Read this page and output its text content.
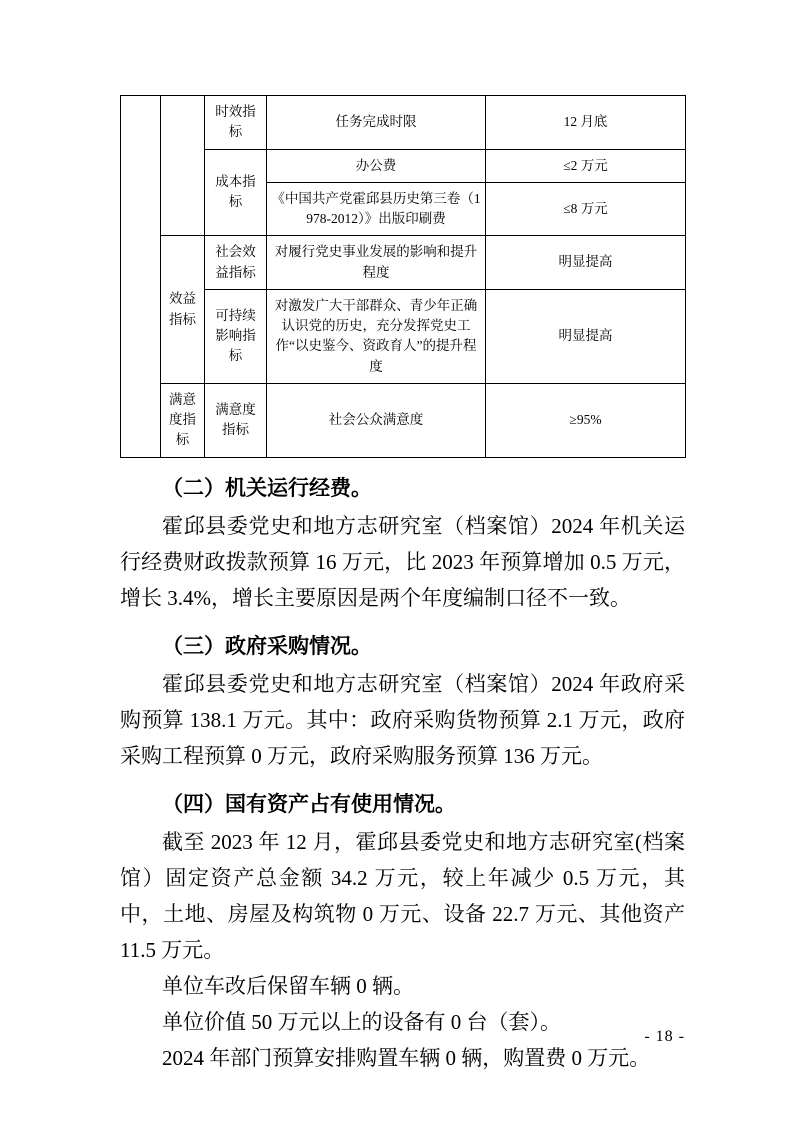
		时效指标	任务完成时限	12 月底
		成本指标	办公费	≤2 万元
			《中国共产党霍邱县历史第三卷（1978-2012）》出版印刷费	≤8 万元
	效益指标	社会效益指标	对履行党史事业发展的影响和提升程度	明显提高
		可持续影响指标	对激发广大干部群众、青少年正确认识党的历史，充分发挥党史工作“以史鉴今、资政育人”的提升程度	明显提高
	满意度指标	满意度指标	社会公众满意度	≥95%
（二）机关运行经费。

霍邱县委党史和地方志研究室（档案馆）2024 年机关运行经费财政拨款预算 16 万元，比 2023 年预算增加 0.5 万元，增长 3.4%，增长主要原因是两个年度编制口径不一致。

（三）政府采购情况。

霍邱县委党史和地方志研究室（档案馆）2024 年政府采购预算 138.1 万元。其中：政府采购货物预算 2.1 万元，政府采购工程预算 0 万元，政府采购服务预算 136 万元。

（四）国有资产占有使用情况。

截至 2023 年 12 月，霍邱县委党史和地方志研究室(档案馆）固定资产总金额 34.2 万元，较上年减少 0.5 万元，其中，土地、房屋及构筑物 0 万元、设备 22.7 万元、其他资产 11.5 万元。

单位车改后保留车辆 0 辆。

单位价值 50 万元以上的设备有 0 台（套）。

2024 年部门预算安排购置车辆 0 辆，购置费 0 万元。

- 18 -
